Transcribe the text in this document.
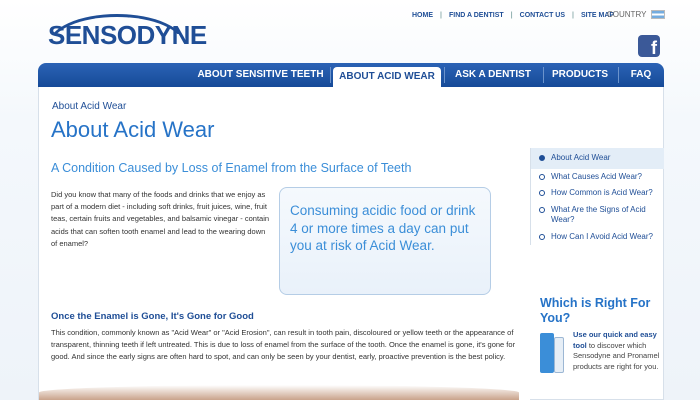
SENSODYNE
HOME	|	FIND A DENTIST	|	CONTACT US	|	SITE MAP
COUNTRY
f
ABOUT SENSITIVE TEETH	ABOUT ACID WEAR	ASK A DENTIST	PRODUCTS	FAQ
About Acid Wear
About Acid Wear
A Condition Caused by Loss of Enamel from the Surface of Teeth
Did you know that many of the foods and drinks that we enjoy as part of a modern diet - including soft drinks, fruit juices, wine, fruit teas, certain fruits and vegetables, and balsamic vinegar - contain acids that can soften tooth enamel and lead to the wearing down of enamel?
Consuming acidic food or drink 4 or more times a day can put you at risk of Acid Wear.
Once the Enamel is Gone, It's Gone for Good
This condition, commonly known as "Acid Wear" or "Acid Erosion", can result in tooth pain, discoloured or yellow teeth or the appearance of transparent, thinning teeth if left untreated. This is due to loss of enamel from the surface of the tooth. Once the enamel is gone, it's gone for good. And since the early signs are often hard to spot, and can only be seen by your dentist, early, proactive prevention is the best policy.
About Acid Wear
What Causes Acid Wear?
How Common is Acid Wear?
What Are the Signs of Acid Wear?
How Can I Avoid Acid Wear?
Which is Right For You?
Use our quick and easy tool to discover which Sensodyne and Pronamel products are right for you.
